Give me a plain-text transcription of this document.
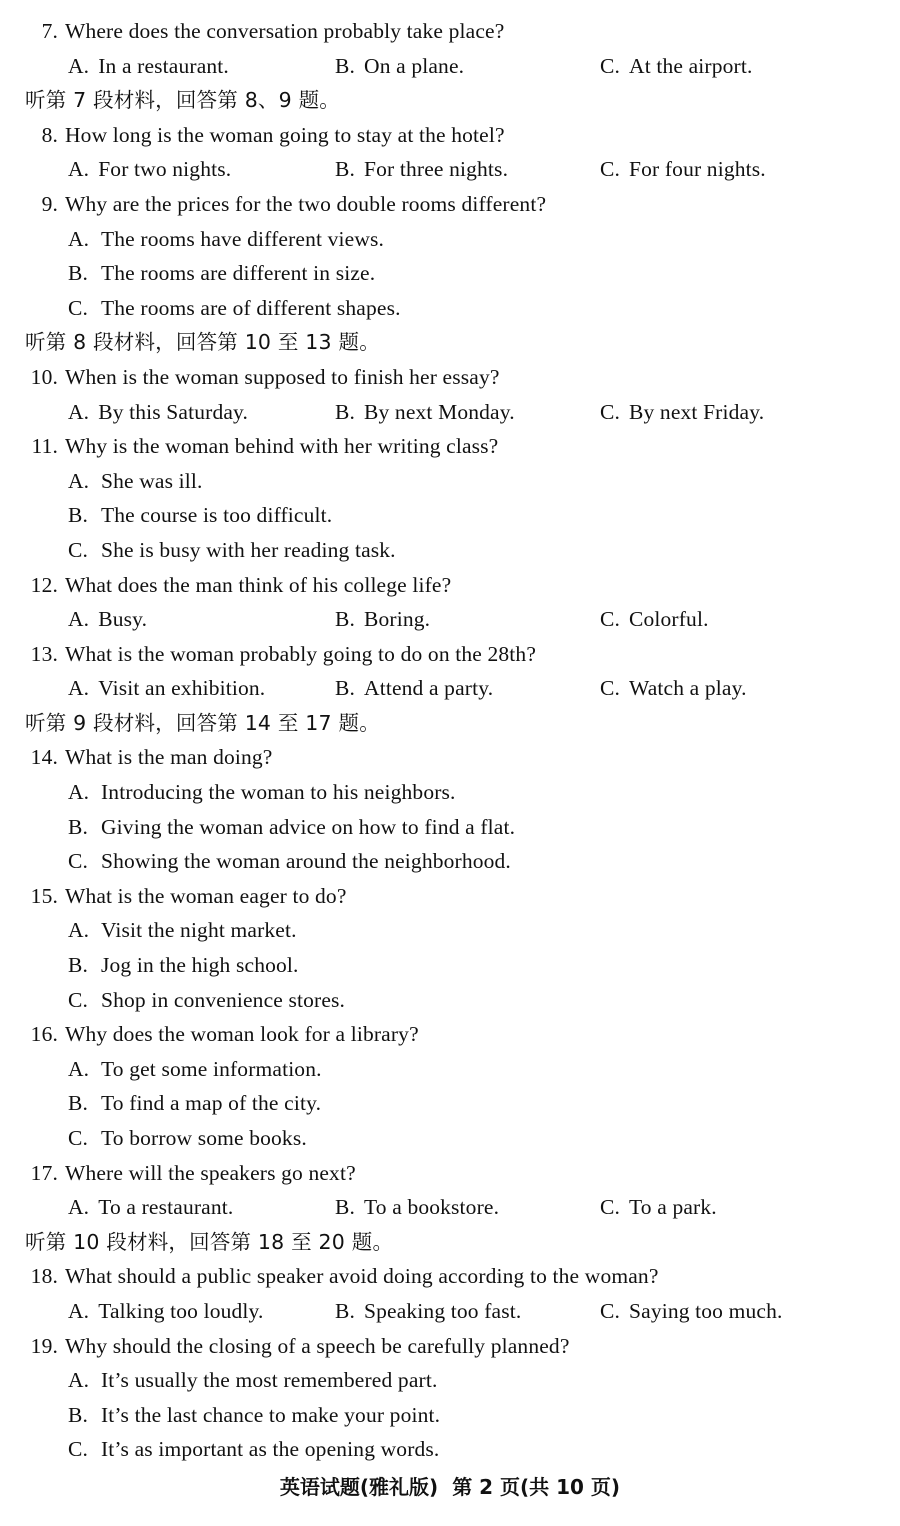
7. Where does the conversation probably take place?
A. In a restaurant.	B. On a plane.	C. At the airport.
听第 7 段材料，回答第 8、9 题。
8. How long is the woman going to stay at the hotel?
A. For two nights.	B. For three nights.	C. For four nights.
9. Why are the prices for the two double rooms different?
A. The rooms have different views.
B. The rooms are different in size.
C. The rooms are of different shapes.
听第 8 段材料，回答第 10 至 13 题。
10. When is the woman supposed to finish her essay?
A. By this Saturday.	B. By next Monday.	C. By next Friday.
11. Why is the woman behind with her writing class?
A. She was ill.
B. The course is too difficult.
C. She is busy with her reading task.
12. What does the man think of his college life?
A. Busy.	B. Boring.	C. Colorful.
13. What is the woman probably going to do on the 28th?
A. Visit an exhibition.	B. Attend a party.	C. Watch a play.
听第 9 段材料，回答第 14 至 17 题。
14. What is the man doing?
A. Introducing the woman to his neighbors.
B. Giving the woman advice on how to find a flat.
C. Showing the woman around the neighborhood.
15. What is the woman eager to do?
A. Visit the night market.
B. Jog in the high school.
C. Shop in convenience stores.
16. Why does the woman look for a library?
A. To get some information.
B. To find a map of the city.
C. To borrow some books.
17. Where will the speakers go next?
A. To a restaurant.	B. To a bookstore.	C. To a park.
听第 10 段材料，回答第 18 至 20 题。
18. What should a public speaker avoid doing according to the woman?
A. Talking too loudly.	B. Speaking too fast.	C. Saying too much.
19. Why should the closing of a speech be carefully planned?
A. It’s usually the most remembered part.
B. It’s the last chance to make your point.
C. It’s as important as the opening words.
英语试题(雅礼版) 第 2 页(共 10 页)
